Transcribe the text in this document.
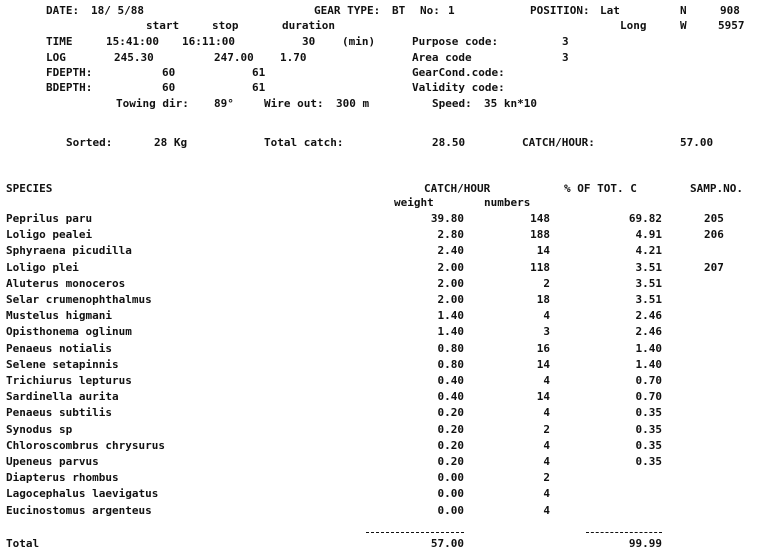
DATE: 18/ 5/88	GEAR TYPE: BT No: 1	POSITION: Lat	N	908
start	stop	duration	Long	W	5957
TIME	15:41:00 16:11:00	30 (min)	Purpose code:	3
LOG	245.30	247.00 1.70	Area code	3
FDEPTH:	60	61	GearCond.code:
BDEPTH:	60	61	Validity code:
Towing dir: 89°	Wire out: 300 m	Speed: 35 kn*10
Sorted:	28 Kg	Total catch:	28.50	CATCH/HOUR:	57.00
SPECIES	CATCH/HOUR	% OF TOT. C	SAMP.NO.
weight	numbers
Peprilus paru	39.80	148	69.82	205
Loligo pealei	2.80	188	4.91	206
Sphyraena picudilla	2.40	14	4.21
Loligo plei	2.00	118	3.51	207
Aluterus monoceros	2.00	2	3.51
Selar crumenophthalmus	2.00	18	3.51
Mustelus higmani	1.40	4	2.46
Opisthonema oglinum	1.40	3	2.46
Penaeus notialis	0.80	16	1.40
Selene setapinnis	0.80	14	1.40
Trichiurus lepturus	0.40	4	0.70
Sardinella aurita	0.40	14	0.70
Penaeus subtilis	0.20	4	0.35
Synodus sp	0.20	2	0.35
Chloroscombrus chrysurus	0.20	4	0.35
Upeneus parvus	0.20	4	0.35
Diapterus rhombus	0.00	2
Lagocephalus laevigatus	0.00	4
Eucinostomus argenteus	0.00	4
Total	57.00	99.99
